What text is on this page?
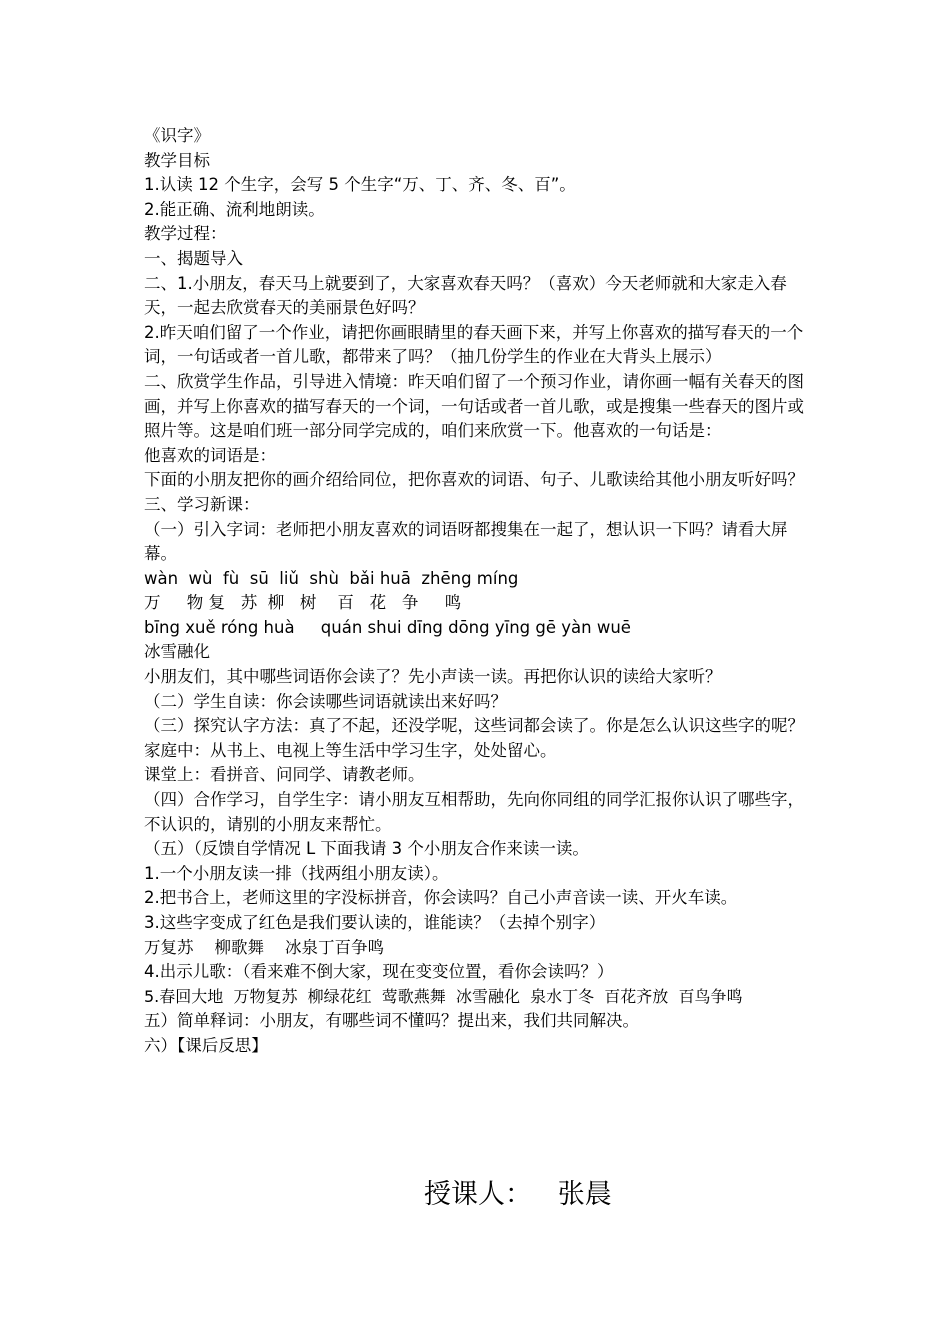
《识字》

教学目标

1.认读 12 个生字，会写 5 个生字“万、丁、齐、冬、百”。

2.能正确、流利地朗读。

教学过程：

一、揭题导入

二、1.小朋友，春天马上就要到了，大家喜欢春天吗？（喜欢）今天老师就和大家走入春天，一起去欣赏春天的美丽景色好吗？

2.昨天咱们留了一个作业，请把你画眼睛里的春天画下来，并写上你喜欢的描写春天的一个词，一句话或者一首儿歌，都带来了吗？（抽几份学生的作业在大背头上展示）

二、欣赏学生作品，引导进入情境：昨天咱们留了一个预习作业，请你画一幅有关春天的图画，并写上你喜欢的描写春天的一个词，一句话或者一首儿歌，或是搜集一些春天的图片或照片等。这是咱们班一部分同学完成的，咱们来欣赏一下。他喜欢的一句话是：

他喜欢的词语是：

下面的小朋友把你的画介绍给同位，把你喜欢的词语、句子、儿歌读给其他小朋友听好吗？

三、学习新课：

（一）引入字词：老师把小朋友喜欢的词语呀都搜集在一起了，想认识一下吗？请看大屏幕。

wàn  wù  fù  sū  liǔ  shù  bǎi huā  zhēng míng

万     物 复   苏  柳   树    百   花   争     鸣

bīng xuě róng huà     quán shui dīng dōng yīng gē yàn wuē

冰雪融化

小朋友们，其中哪些词语你会读了？先小声读一读。再把你认识的读给大家听？

（二）学生自读：你会读哪些词语就读出来好吗？

（三）探究认字方法：真了不起，还没学呢，这些词都会读了。你是怎么认识这些字的呢？

家庭中：从书上、电视上等生活中学习生字，处处留心。

课堂上：看拼音、问同学、请教老师。

（四）合作学习，自学生字：请小朋友互相帮助，先向你同组的同学汇报你认识了哪些字，不认识的，请别的小朋友来帮忙。

（五）（反馈自学情况 L 下面我请 3 个小朋友合作来读一读。

1.一个小朋友读一排（找两组小朋友读）。

2.把书合上，老师这里的字没标拼音，你会读吗？自己小声音读一读、开火车读。

3.这些字变成了红色是我们要认读的，谁能读？（去掉个别字）

万复苏    柳歌舞    冰泉丁百争鸣

4.出示儿歌：（看来难不倒大家，现在变变位置，看你会读吗？）

5.春回大地  万物复苏  柳绿花红  莺歌燕舞  冰雪融化  泉水丁冬  百花齐放  百鸟争鸣

五）简单释词：小朋友，有哪些词不懂吗？提出来，我们共同解决。

六）【课后反思】

授课人：   张晨
